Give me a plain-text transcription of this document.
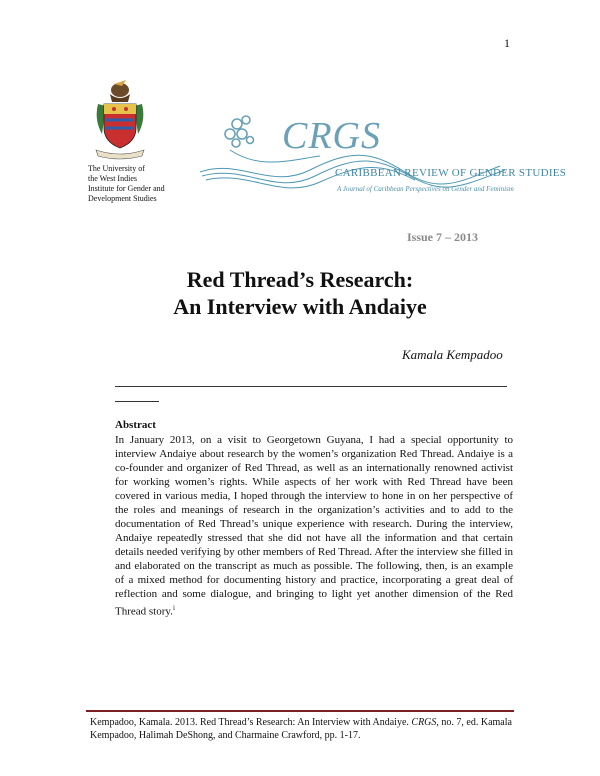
1
The University of
the West Indies
Institute for Gender and
Development Studies
CRGS
CARIBBEAN REVIEW OF GENDER STUDIES
A Journal of Caribbean Perspectives on Gender and Feminism
Issue 7 – 2013
Red Thread’s Research:
An Interview with Andaiye
Kamala Kempadoo
Abstract
In January 2013, on a visit to Georgetown Guyana, I had a special opportunity to interview Andaiye about research by the women’s organization Red Thread. Andaiye is a co-founder and organizer of Red Thread, as well as an internationally renowned activist for working women’s rights. While aspects of her work with Red Thread have been covered in various media, I hoped through the interview to hone in on her perspective of the roles and meanings of research in the organization’s activities and to add to the documentation of Red Thread’s unique experience with research. During the interview, Andaiye repeatedly stressed that she did not have all the information and that certain details needed verifying by other members of Red Thread. After the interview she filled in and elaborated on the transcript as much as possible. The following, then, is an example of a mixed method for documenting history and practice, incorporating a great deal of reflection and some dialogue, and bringing to light yet another dimension of the Red Thread story.$^i$
Kempadoo, Kamala. 2013. Red Thread’s Research: An Interview with Andaiye. CRGS, no. 7, ed. Kamala Kempadoo, Halimah DeShong, and Charmaine Crawford, pp. 1-17.
